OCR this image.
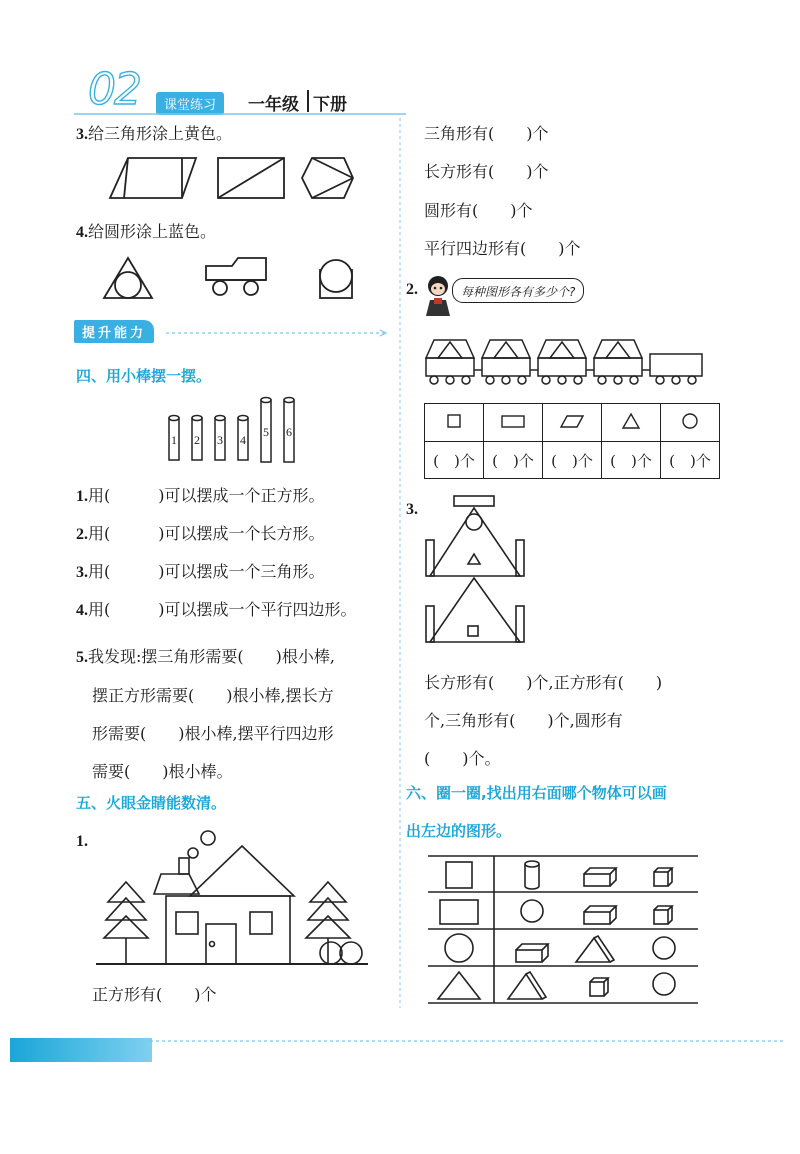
02	课堂练习	一年级 下册
3.给三角形涂上黄色。
4.给圆形涂上蓝色。
提升能力
四、用小棒摆一摆。
1 2 3 4
5 6
1.用(　　　)可以摆成一个正方形。
2.用(　　　)可以摆成一个长方形。
3.用(　　　)可以摆成一个三角形。
4.用(　　　)可以摆成一个平行四边形。
5.我发现:摆三角形需要(　　)根小棒,
摆正方形需要(　　)根小棒,摆长方
形需要(　　)根小棒,摆平行四边形
需要(　　)根小棒。
五、火眼金睛能数清。
1.
正方形有(　　)个
三角形有(　　)个
长方形有(　　)个
圆形有(　　)个
平行四边形有(　　)个
2.	每种图形各有多少个?

(　)个	(　)个	(　)个	(　)个	(　)个
3.
长方形有(　　)个,正方形有(　　)
个,三角形有(　　)个,圆形有
(　　)个。
六、圈一圈,找出用右面哪个物体可以画
出左边的图形。
